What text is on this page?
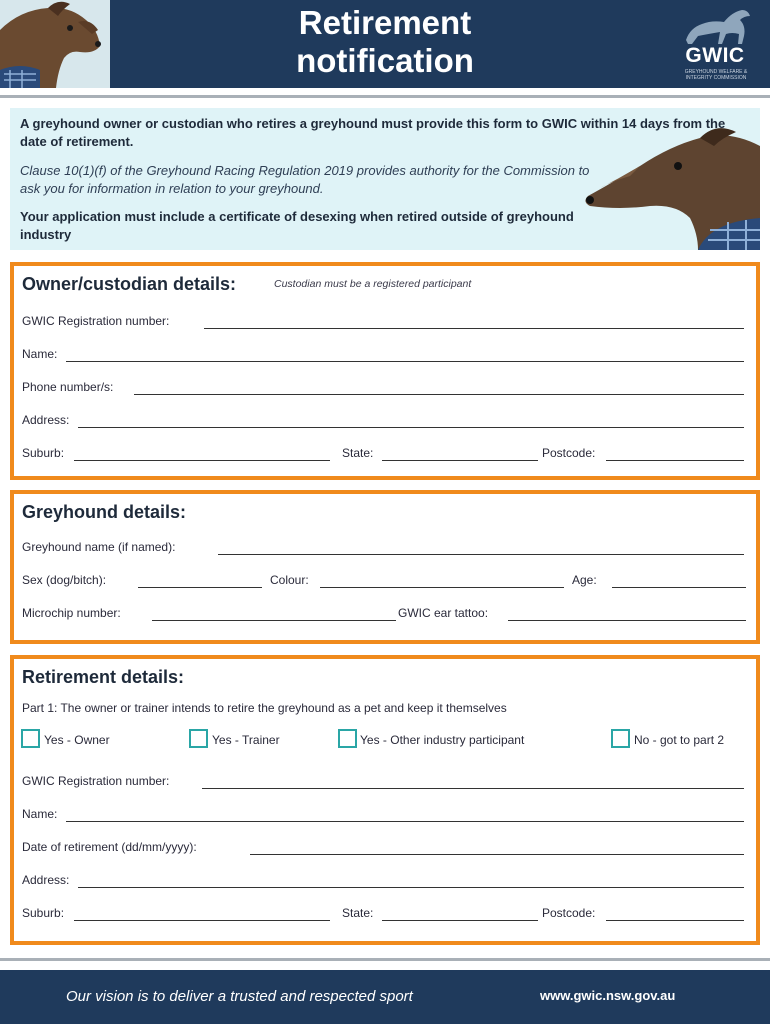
Retirement
notification	GWIC
GREYHOUND WELFARE & INTEGRITY COMMISSION

A greyhound owner or custodian who retires a greyhound must provide this form to GWIC within 14 days from the date of retirement.

Clause 10(1)(f) of the Greyhound Racing Regulation 2019 provides authority for the Commission to ask you for information in relation to your greyhound.

Your application must include a certificate of desexing when retired outside of greyhound industry

Owner/custodian details:	Custodian must be a registered participant
GWIC Registration number:
Name:
Phone number/s:
Address:
Suburb:	State:	Postcode:
Greyhound details:
Greyhound name (if named):
Sex (dog/bitch):	Colour:	Age:
Microchip number:	GWIC ear tattoo:
Retirement details:
Part 1: The owner or trainer intends to retire the greyhound as a pet and keep it themselves
Yes - Owner	Yes - Trainer	Yes - Other industry participant	No - got to part 2
GWIC Registration number:
Name:
Date of retirement (dd/mm/yyyy):
Address:
Suburb:	State:	Postcode:
Our vision is to deliver a trusted and respected sport	www.gwic.nsw.gov.au
